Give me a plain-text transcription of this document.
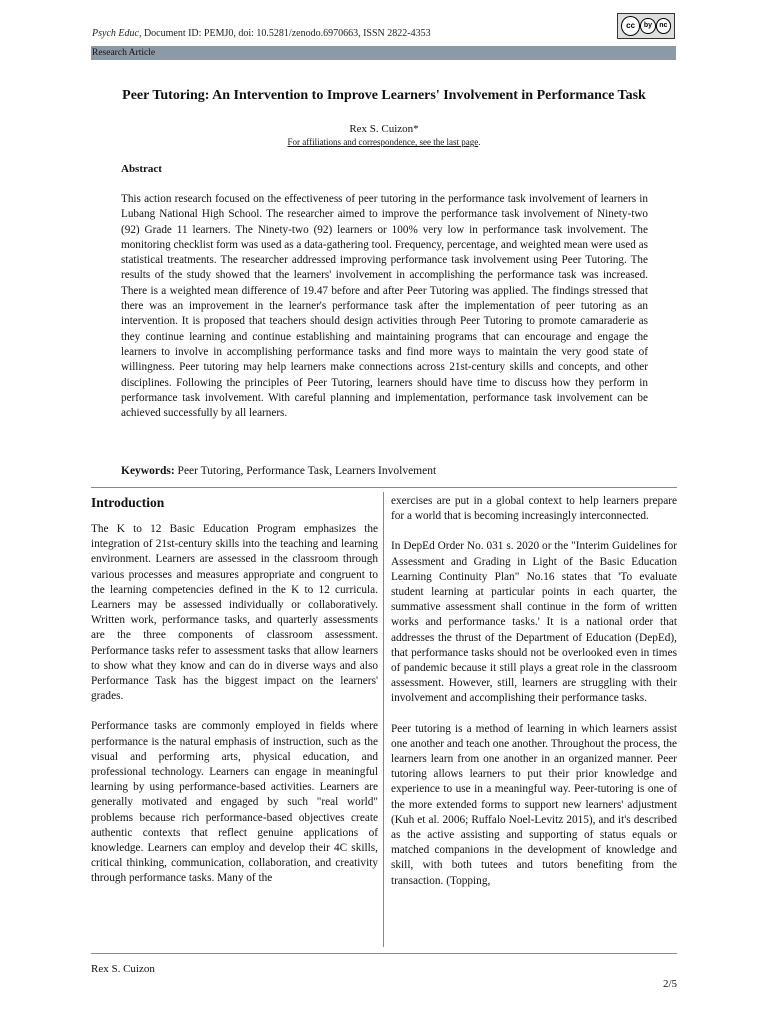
Psych Educ, Document ID: PEMJ0, doi: 10.5281/zenodo.6970663, ISSN 2822-4353
cc	by	nc
Research Article
Peer Tutoring: An Intervention to Improve Learners' Involvement in Performance Task
Rex S. Cuizon*
For affiliations and correspondence, see the last page.
Abstract
This action research focused on the effectiveness of peer tutoring in the performance task involvement of learners in Lubang National High School. The researcher aimed to improve the performance task involvement of Ninety-two (92) Grade 11 learners. The Ninety-two (92) learners or 100% very low in performance task involvement. The monitoring checklist form was used as a data-gathering tool. Frequency, percentage, and weighted mean were used as statistical treatments. The researcher addressed improving performance task involvement using Peer Tutoring. The results of the study showed that the learners' involvement in accomplishing the performance task was increased. There is a weighted mean difference of 19.47 before and after Peer Tutoring was applied. The findings stressed that there was an improvement in the learner's performance task after the implementation of peer tutoring as an intervention. It is proposed that teachers should design activities through Peer Tutoring to promote camaraderie as they continue learning and continue establishing and maintaining programs that can encourage and engage the learners to involve in accomplishing performance tasks and find more ways to maintain the very good state of willingness. Peer tutoring may help learners make connections across 21st-century skills and concepts, and other disciplines. Following the principles of Peer Tutoring, learners should have time to discuss how they perform in performance task involvement. With careful planning and implementation, performance task involvement can be achieved successfully by all learners.
Keywords: Peer Tutoring, Performance Task, Learners Involvement
Introduction

The K to 12 Basic Education Program emphasizes the integration of 21st-century skills into the teaching and learning environment. Learners are assessed in the classroom through various processes and measures appropriate and congruent to the learning competencies defined in the K to 12 curricula. Learners may be assessed individually or collaboratively. Written work, performance tasks, and quarterly assessments are the three components of classroom assessment. Performance tasks refer to assessment tasks that allow learners to show what they know and can do in diverse ways and also Performance Task has the biggest impact on the learners' grades.

Performance tasks are commonly employed in fields where performance is the natural emphasis of instruction, such as the visual and performing arts, physical education, and professional technology. Learners can engage in meaningful learning by using performance-based activities. Learners are generally motivated and engaged by such "real world" problems because rich performance-based objectives create authentic contexts that reflect genuine applications of knowledge. Learners can employ and develop their 4C skills, critical thinking, communication, collaboration, and creativity through performance tasks. Many of the

exercises are put in a global context to help learners prepare for a world that is becoming increasingly interconnected.

In DepEd Order No. 031 s. 2020 or the "Interim Guidelines for Assessment and Grading in Light of the Basic Education Learning Continuity Plan" No.16 states that 'To evaluate student learning at particular points in each quarter, the summative assessment shall continue in the form of written works and performance tasks.' It is a national order that addresses the thrust of the Department of Education (DepEd), that performance tasks should not be overlooked even in times of pandemic because it still plays a great role in the classroom assessment. However, still, learners are struggling with their involvement and accomplishing their performance tasks.

Peer tutoring is a method of learning in which learners assist one another and teach one another. Throughout the process, the learners learn from one another in an organized manner. Peer tutoring allows learners to put their prior knowledge and experience to use in a meaningful way. Peer-tutoring is one of the more extended forms to support new learners' adjustment (Kuh et al. 2006; Ruffalo Noel-Levitz 2015), and it's described as the active assisting and supporting of status equals or matched companions in the development of knowledge and skill, with both tutees and tutors benefiting from the transaction. (Topping,

Rex S. Cuizon
2/5
